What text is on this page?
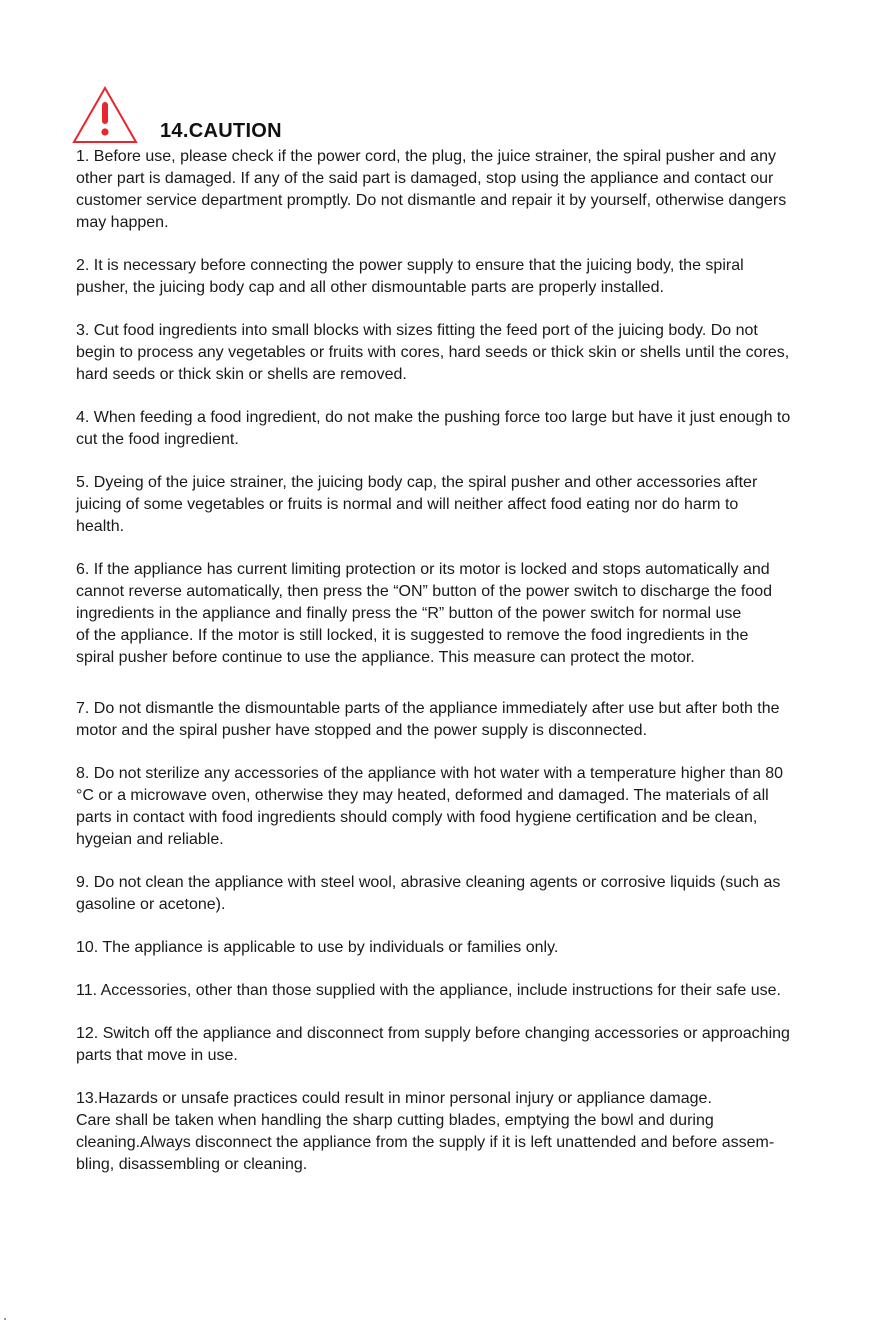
14.CAUTION

1. Before use, please check if the power cord, the plug, the juice strainer, the spiral pusher and any

other part is damaged. If any of the said part is damaged, stop using the appliance and contact our

customer service department promptly. Do not dismantle and repair it by yourself, otherwise dangers

may happen.

2. It is necessary before connecting the power supply to ensure that the juicing body, the spiral

pusher, the juicing body cap and all other dismountable parts are properly installed.

3. Cut food ingredients into small blocks with sizes fitting the feed port of the juicing body. Do not

begin to process any vegetables or fruits with cores, hard seeds or thick skin or shells until the cores,

hard seeds or thick skin or shells are removed.

4. When feeding a food ingredient, do not make the pushing force too large but have it just enough to

cut the food ingredient.

5. Dyeing of the juice strainer, the juicing body cap, the spiral pusher and other accessories after

juicing of some vegetables or fruits is normal and will neither affect food eating nor do harm to

health.

6. If the appliance has current limiting protection or its motor is locked and stops automatically and

cannot reverse automatically, then press the “ON” button of the power switch to discharge the food

ingredients in the appliance and finally press the “R” button of the power switch for normal use

of the appliance. If the motor is still locked, it is suggested to remove the food ingredients in the

spiral pusher before continue to use the appliance. This measure can protect the motor.

7. Do not dismantle the dismountable parts of the appliance immediately after use but after both the

motor and the spiral pusher have stopped and the power supply is disconnected.

8. Do not sterilize any accessories of the appliance with hot water with a temperature higher than 80

°C or a microwave oven, otherwise they may heated, deformed and damaged. The materials of all

parts in contact with food ingredients should comply with food hygiene certification and be clean,

hygeian and reliable.

9. Do not clean the appliance with steel wool, abrasive cleaning agents or corrosive liquids (such as

gasoline or acetone).

10. The appliance is applicable to use by individuals or families only.

11. Accessories, other than those supplied with the appliance, include instructions for their safe use.

12. Switch off the appliance and disconnect from supply before changing accessories or approaching

parts that move in use.

13.Hazards or unsafe practices could result in minor personal injury or appliance damage.

Care shall be taken when handling the sharp cutting blades, emptying the bowl and during

cleaning.Always disconnect the appliance from the supply if it is left unattended and before assem-

bling, disassembling or cleaning.
